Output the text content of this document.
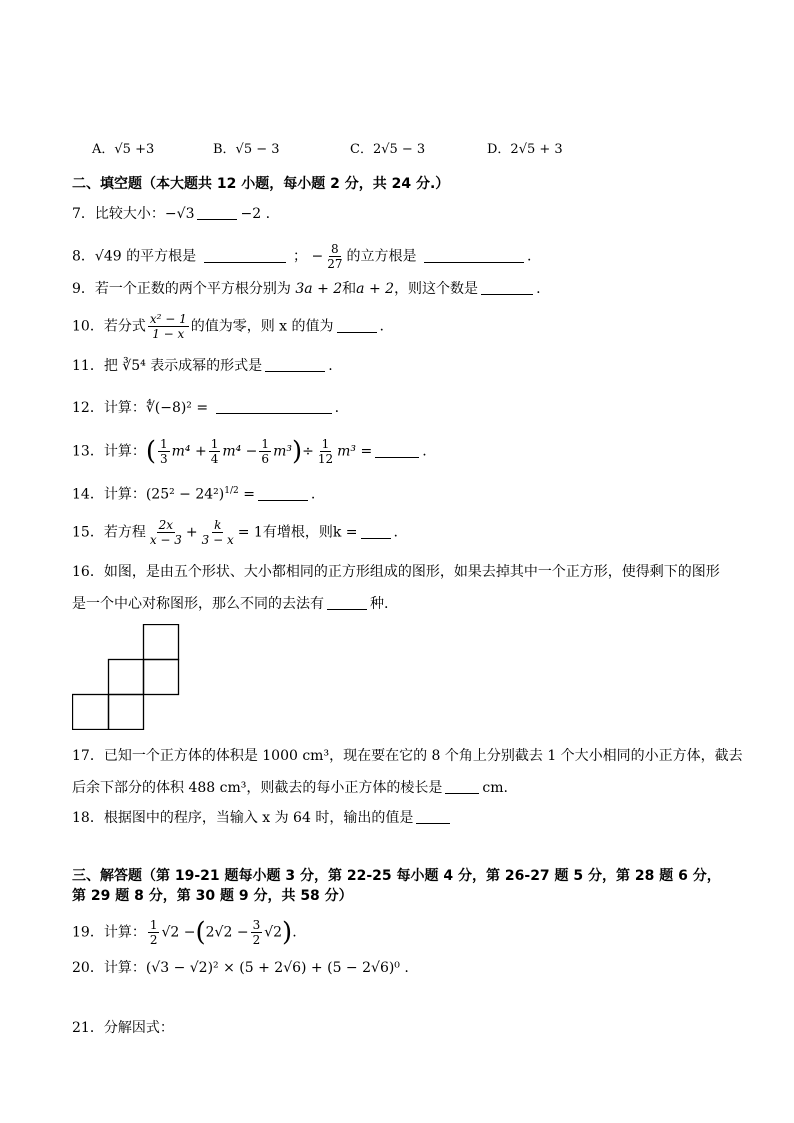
A．√5 +3	B．√5 − 3	C．2√5 − 3	D．2√5 + 3
二、填空题（本大题共 12 小题，每小题 2 分，共 24 分.）
7．比较大小：−√3	−2 .
8．√49 的平方根是	； − $\frac{8}{27}$ 的立方根是	.
9．若一个正数的两个平方根分别为 3a + 2和a + 2，则这个数是	.
10．若分式 $\frac{\text{x² − 1}}{1 - x}$ 的值为零，则 x 的值为	.
11．把 ∛5⁴ 表示成幂的形式是	.
12．计算：∜(−8)² =	.
13．计算：( $\frac{1}{3} m^4 + \frac{1}{4} m^4 - \frac{1}{6} m^3)\div \frac{1}{12} m^3$ =	.
14．计算：$(25^2 - 24^2)^{1/2}$ =	.
15．若方程 $\frac{2x}{x - 3} + \frac{k}{3 - x} = 1$有增根，则k =	.
16．如图，是由五个形状、大小都相同的正方形组成的图形，如果去掉其中一个正方形，使得剩下的图形
是一个中心对称图形，那么不同的去法有	种.
17．已知一个正方体的体积是 1000 cm³，现在要在它的 8 个角上分别截去 1 个大小相同的小正方体，截去
后余下部分的体积 488 cm³，则截去的每小正方体的棱长是	cm.
18．根据图中的程序，当输入 x 为 64 时，输出的值是
三、解答题（第 19-21 题每小题 3 分，第 22-25 每小题 4 分，第 26-27 题 5 分，第 28 题 6 分，
第 29 题 8 分，第 30 题 9 分，共 58 分）
19．计算： $\frac{1}{2} √2 -(2√2 - \frac{3}{2} √2)$.
20．计算：(√3 − √2)² × (5 + 2√6) + (5 − 2√6)⁰ .
21．分解因式：
